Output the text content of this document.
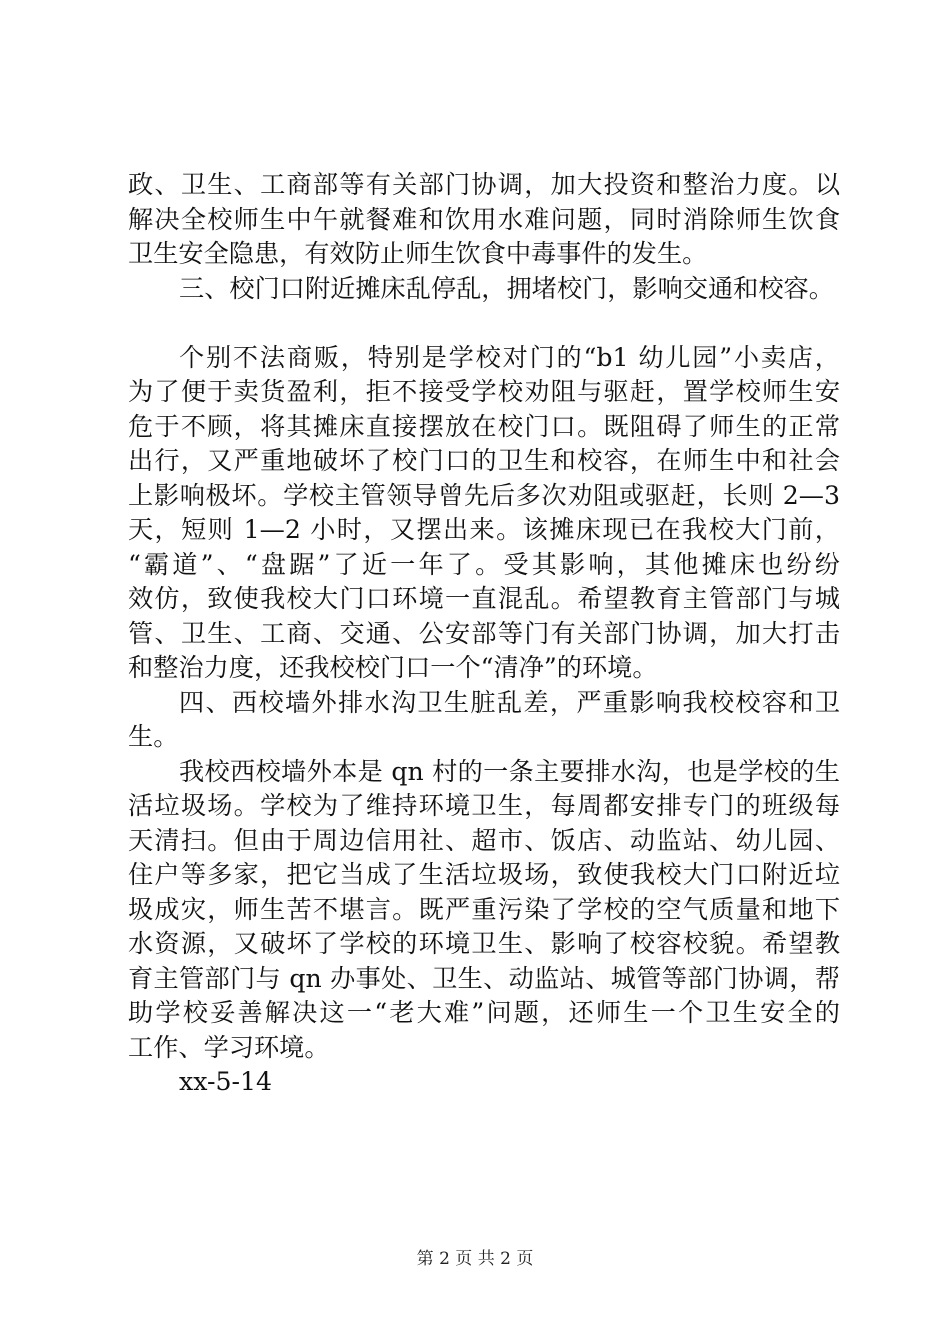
政、卫生、工商部等有关部门协调，加大投资和整治力度。以
解决全校师生中午就餐难和饮用水难问题，同时消除师生饮食
卫生安全隐患，有效防止师生饮食中毒事件的发生。
三、校门口附近摊床乱停乱，拥堵校门，影响交通和校容。
个别不法商贩，特别是学校对门的“b1 幼儿园”小卖店，
为了便于卖货盈利，拒不接受学校劝阻与驱赶，置学校师生安
危于不顾，将其摊床直接摆放在校门口。既阻碍了师生的正常
出行，又严重地破坏了校门口的卫生和校容，在师生中和社会
上影响极坏。学校主管领导曾先后多次劝阻或驱赶，长则 2—3
天，短则 1—2 小时，又摆出来。该摊床现已在我校大门前，
“霸道”、“盘踞”了近一年了。受其影响，其他摊床也纷纷
效仿，致使我校大门口环境一直混乱。希望教育主管部门与城
管、卫生、工商、交通、公安部等门有关部门协调，加大打击
和整治力度，还我校校门口一个“清净”的环境。
四、西校墙外排水沟卫生脏乱差，严重影响我校校容和卫
生。
我校西校墙外本是 qn 村的一条主要排水沟，也是学校的生
活垃圾场。学校为了维持环境卫生，每周都安排专门的班级每
天清扫。但由于周边信用社、超市、饭店、动监站、幼儿园、
住户等多家，把它当成了生活垃圾场，致使我校大门口附近垃
圾成灾，师生苦不堪言。既严重污染了学校的空气质量和地下
水资源，又破坏了学校的环境卫生、影响了校容校貌。希望教
育主管部门与 qn 办事处、卫生、动监站、城管等部门协调，帮
助学校妥善解决这一“老大难”问题，还师生一个卫生安全的
工作、学习环境。
xx-5-14
第 2 页 共 2 页
